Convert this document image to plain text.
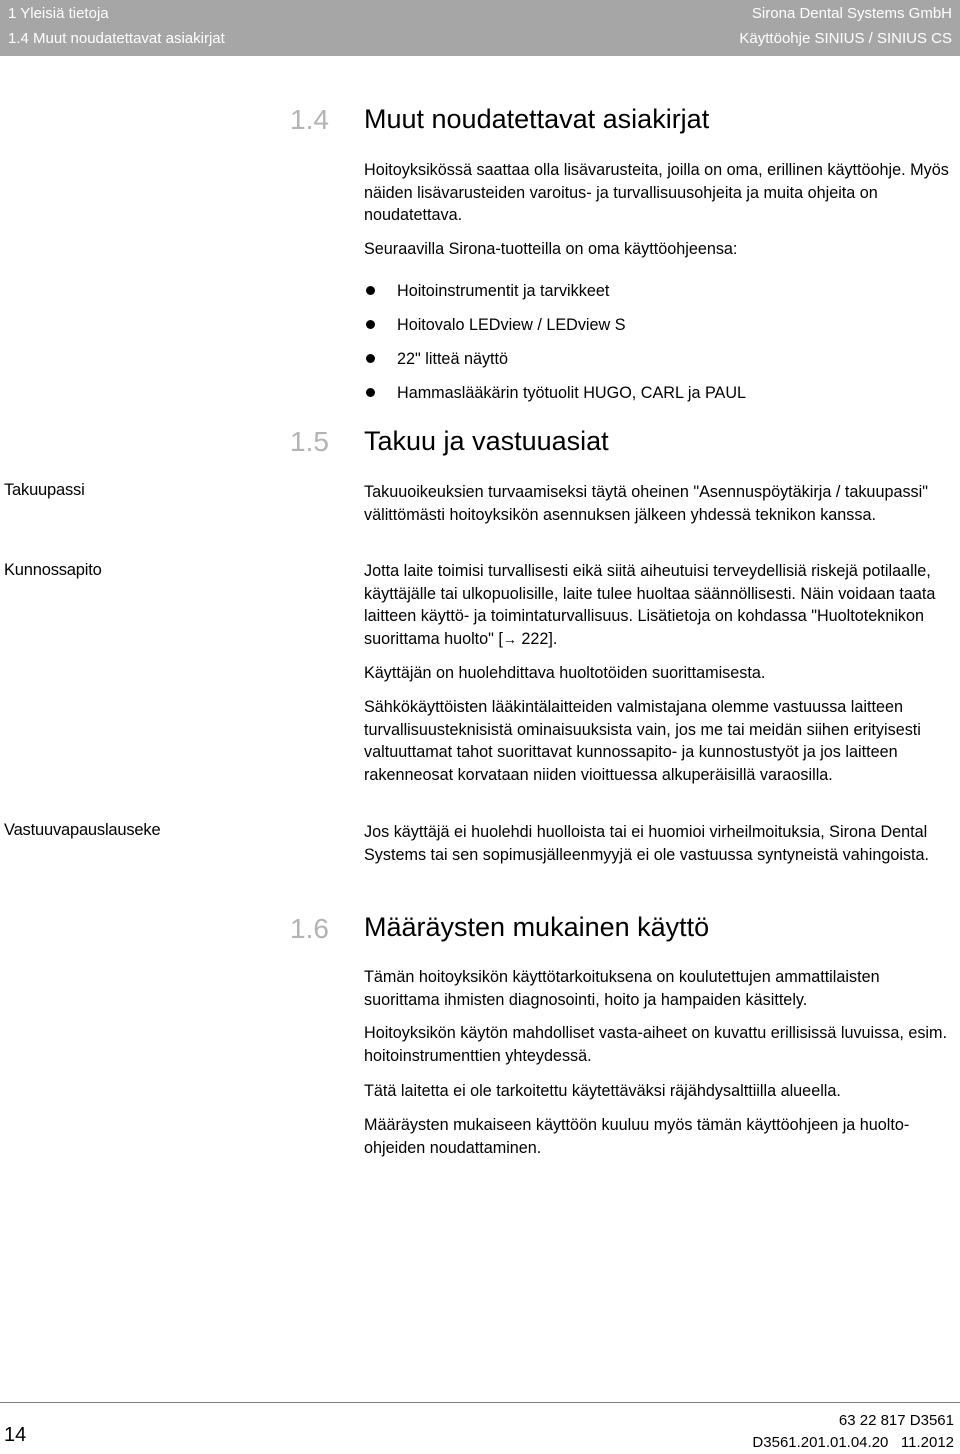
1 Yleisiä tietoja
1.4 Muut noudatettavat asiakirjat
Sirona Dental Systems GmbH
Käyttöohje SINIUS / SINIUS CS
1.4	Muut noudatettavat asiakirjat

Hoitoyksikössä saattaa olla lisävarusteita, joilla on oma, erillinen käyttöohje. Myös näiden lisävarusteiden varoitus- ja turvallisuusohjeita ja muita ohjeita on noudatettava.

Seuraavilla Sirona-tuotteilla on oma käyttöohjeensa:

Hoitoinstrumentit ja tarvikkeet
Hoitovalo LEDview / LEDview S
22" litteä näyttö
Hammaslääkärin työtuolit HUGO, CARL ja PAUL
1.5	Takuu ja vastuuasiat
Takuupassi	Takuuoikeuksien turvaamiseksi täytä oheinen "Asennuspöytäkirja / takuupassi" välittömästi hoitoyksikön asennuksen jälkeen yhdessä teknikon kanssa.

Kunnossapito	Jotta laite toimisi turvallisesti eikä siitä aiheutuisi terveydellisiä riskejä potilaalle, käyttäjälle tai ulkopuolisille, laite tulee huoltaa säännöllisesti. Näin voidaan taata laitteen käyttö- ja toimintaturvallisuus. Lisätietoja on kohdassa "Huoltoteknikon suorittama huolto" [→ 222].

Käyttäjän on huolehdittava huoltotöiden suorittamisesta.

Sähkökäyttöisten lääkintälaitteiden valmistajana olemme vastuussa laitteen turvallisuusteknisistä ominaisuuksista vain, jos me tai meidän siihen erityisesti valtuuttamat tahot suorittavat kunnossapito- ja kunnostustyöt ja jos laitteen rakenneosat korvataan niiden vioittuessa alkuperäisillä varaosilla.

Vastuuvapauslauseke	Jos käyttäjä ei huolehdi huolloista tai ei huomioi virheilmoituksia, Sirona Dental Systems tai sen sopimusjälleenmyyjä ei ole vastuussa syntyneistä vahingoista.

1.6	Määräysten mukainen käyttö

Tämän hoitoyksikön käyttötarkoituksena on koulutettujen ammattilaisten suorittama ihmisten diagnosointi, hoito ja hampaiden käsittely.

Hoitoyksikön käytön mahdolliset vasta-aiheet on kuvattu erillisissä luvuissa, esim. hoitoinstrumenttien yhteydessä.

Tätä laitetta ei ole tarkoitettu käytettäväksi räjähdysalttiilla alueella.

Määräysten mukaiseen käyttöön kuuluu myös tämän käyttöohjeen ja huolto-ohjeiden noudattaminen.

14
63 22 817 D3561
D3561.201.01.04.20 11.2012
